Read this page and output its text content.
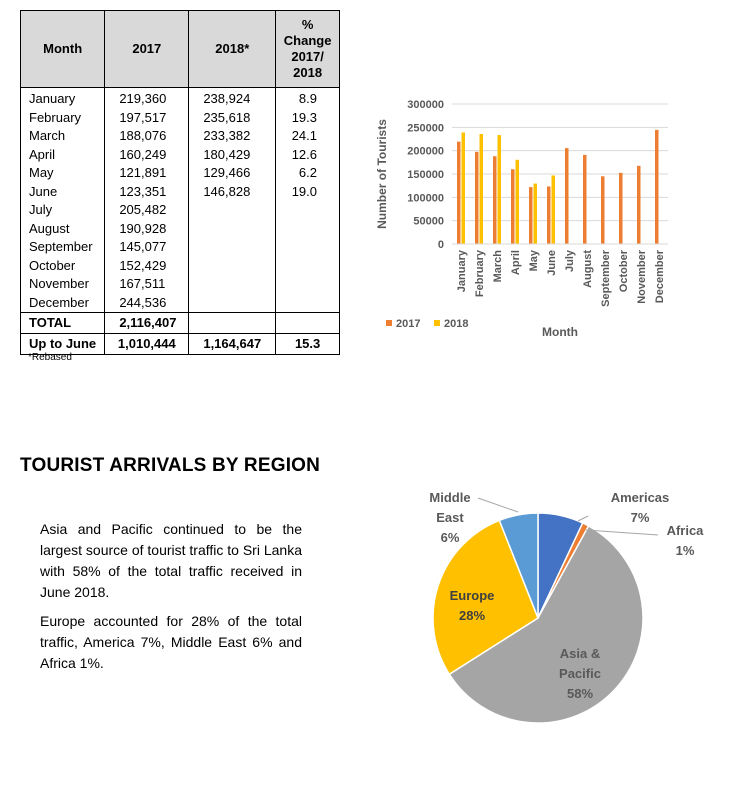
Month	2017	2018*	%
Change
2017/
2018
January	219,360	238,924	8.9
February	197,517	235,618	19.3
March	188,076	233,382	24.1
April	160,249	180,429	12.6
May	121,891	129,466	6.2
June	123,351	146,828	19.0
July	205,482		
August	190,928		
September	145,077		
October	152,429		
November	167,511		
December	244,536		
TOTAL	2,116,407		
Up to June	1,010,444	1,164,647	15.3
*Rebased
0
50000
100000
150000
200000
250000
300000
January February March April May June July August September October November December
Number of Tourists
Month
2017 2018
TOURIST ARRIVALS BY REGION

Asia and Pacific continued to be the largest source of tourist traffic to Sri Lanka with 58% of the total traffic received in June 2018.

Europe accounted for 28% of the total traffic, America 7%, Middle East 6% and Africa 1%.

Americas
7%
Africa
1%
Asia &
Pacific
58%
Europe
28%
Middle
East
6%
